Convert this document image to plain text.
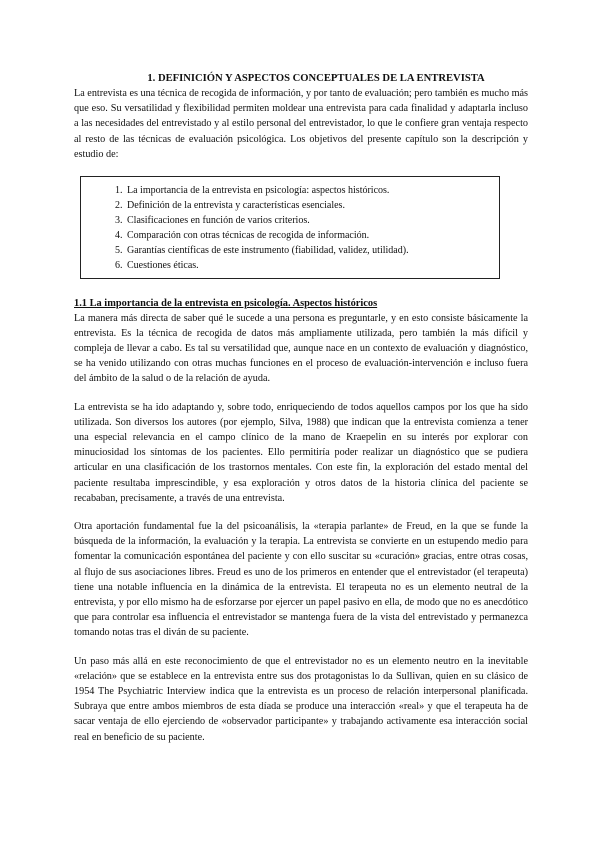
1. DEFINICIÓN Y ASPECTOS CONCEPTUALES DE LA ENTREVISTA

La entrevista es una técnica de recogida de información, y por tanto de evaluación; pero también es mucho más que eso. Su versatilidad y flexibilidad permiten moldear una entrevista para cada finalidad y adaptarla incluso a las necesidades del entrevistado y al estilo personal del entrevistador, lo que le confiere gran ventaja respecto al resto de las técnicas de evaluación psicológica. Los objetivos del presente capítulo son la descripción y estudio de:

1. La importancia de la entrevista en psicología: aspectos históricos.
2. Definición de la entrevista y características esenciales.
3. Clasificaciones en función de varios criterios.
4. Comparación con otras técnicas de recogida de información.
5. Garantías científicas de este instrumento (fiabilidad, validez, utilidad).
6. Cuestiones éticas.
1.1 La importancia de la entrevista en psicología. Aspectos históricos

La manera más directa de saber qué le sucede a una persona es preguntarle, y en esto consiste básicamente la entrevista. Es la técnica de recogida de datos más ampliamente utilizada, pero también la más difícil y compleja de llevar a cabo. Es tal su versatilidad que, aunque nace en un contexto de evaluación y diagnóstico, se ha venido utilizando con otras muchas funciones en el proceso de evaluación-intervención e incluso fuera del ámbito de la salud o de la relación de ayuda.

La entrevista se ha ido adaptando y, sobre todo, enriqueciendo de todos aquellos campos por los que ha sido utilizada. Son diversos los autores (por ejemplo, Silva, 1988) que indican que la entrevista comienza a tener una especial relevancia en el campo clínico de la mano de Kraepelin en su interés por explorar con minuciosidad los síntomas de los pacientes. Ello permitiría poder realizar un diagnóstico que se pudiera articular en una clasificación de los trastornos mentales. Con este fin, la exploración del estado mental del paciente resultaba imprescindible, y esa exploración y otros datos de la historia clínica del paciente se recababan, precisamente, a través de una entrevista.

Otra aportación fundamental fue la del psicoanálisis, la «terapia parlante» de Freud, en la que se funde la búsqueda de la información, la evaluación y la terapia. La entrevista se convierte en un estupendo medio para fomentar la comunicación espontánea del paciente y con ello suscitar su «curación» gracias, entre otras cosas, al flujo de sus asociaciones libres. Freud es uno de los primeros en entender que el entrevistador (el terapeuta) tiene una notable influencia en la dinámica de la entrevista. El terapeuta no es un elemento neutral de la entrevista, y por ello mismo ha de esforzarse por ejercer un papel pasivo en ella, de modo que no es anecdótico que para controlar esa influencia el entrevistador se mantenga fuera de la vista del entrevistado y permanezca tomando notas tras el diván de su paciente.

Un paso más allá en este reconocimiento de que el entrevistador no es un elemento neutro en la inevitable «relación» que se establece en la entrevista entre sus dos protagonistas lo da Sullivan, quien en su clásico de 1954 The Psychiatric Interview indica que la entrevista es un proceso de relación interpersonal planificada. Subraya que entre ambos miembros de esta díada se produce una interacción «real» y que el terapeuta ha de sacar ventaja de ello ejerciendo de «observador participante» y trabajando activamente esa interacción social real en beneficio de su paciente.
